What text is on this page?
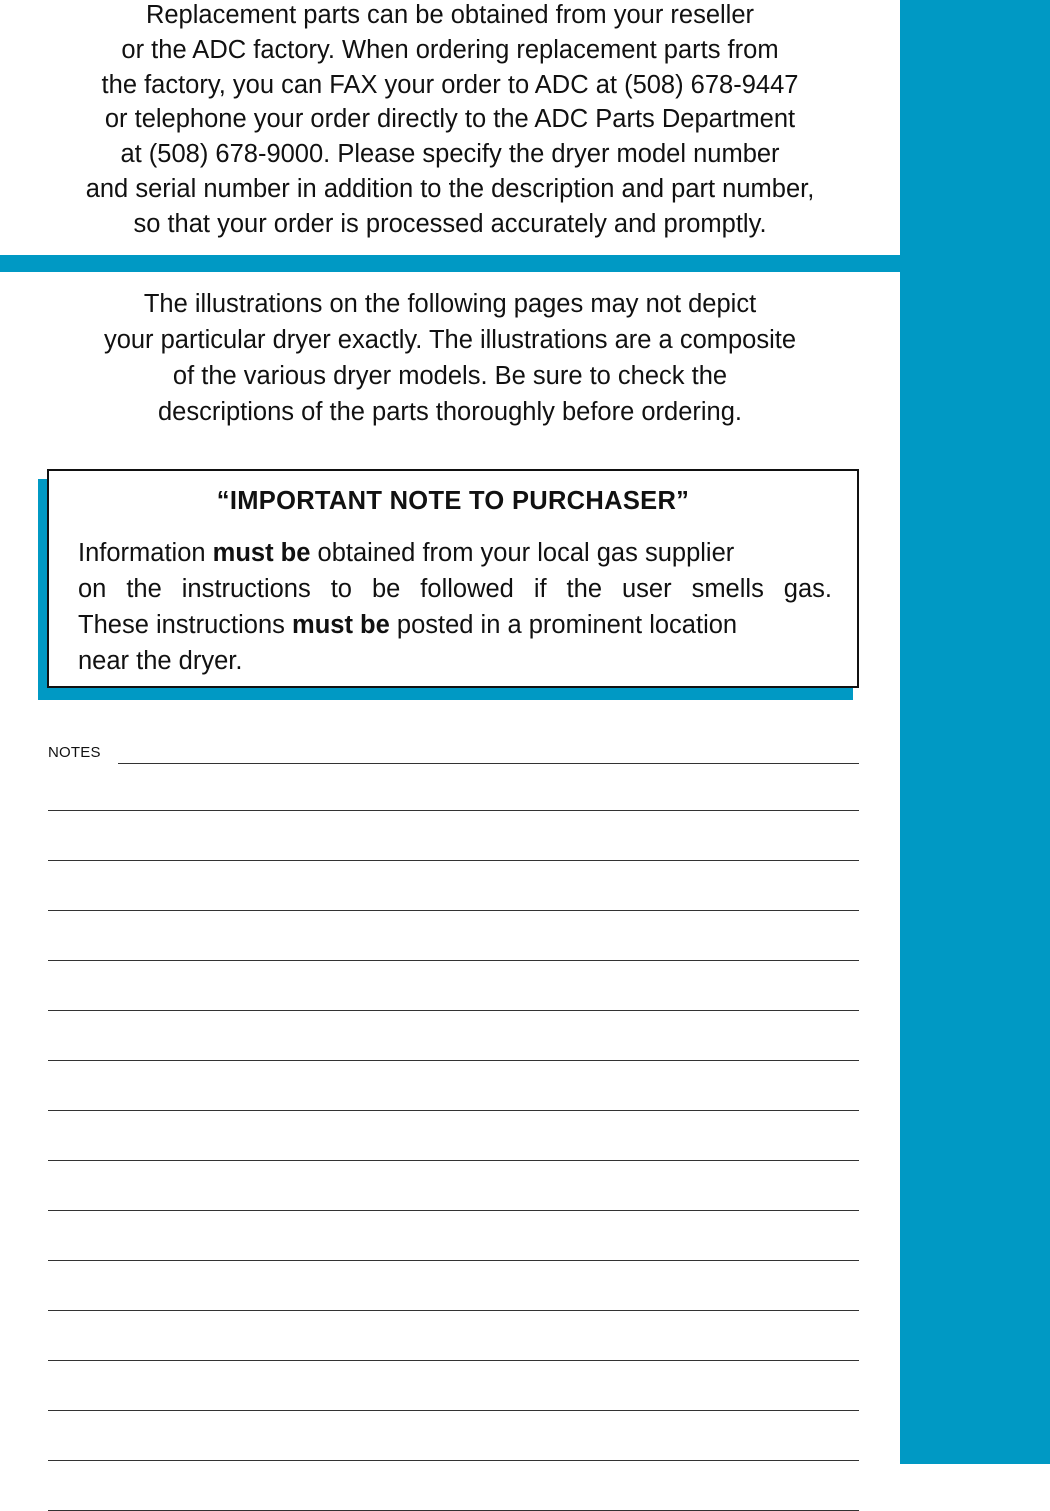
Replacement parts can be obtained from your reseller
or the ADC factory. When ordering replacement parts from
the factory, you can FAX your order to ADC at (508) 678-9447
or telephone your order directly to the ADC Parts Department
at (508) 678-9000. Please specify the dryer model number
and serial number in addition to the description and part number,
so that your order is processed accurately and promptly.
The illustrations on the following pages may not depict
your particular dryer exactly. The illustrations are a composite
of the various dryer models. Be sure to check the
descriptions of the parts thoroughly before ordering.

“IMPORTANT NOTE TO PURCHASER”

Information must be obtained from your local gas supplier
on the instructions to be followed if the user smells gas.
These instructions must be posted in a prominent location
near the dryer.

NOTES
